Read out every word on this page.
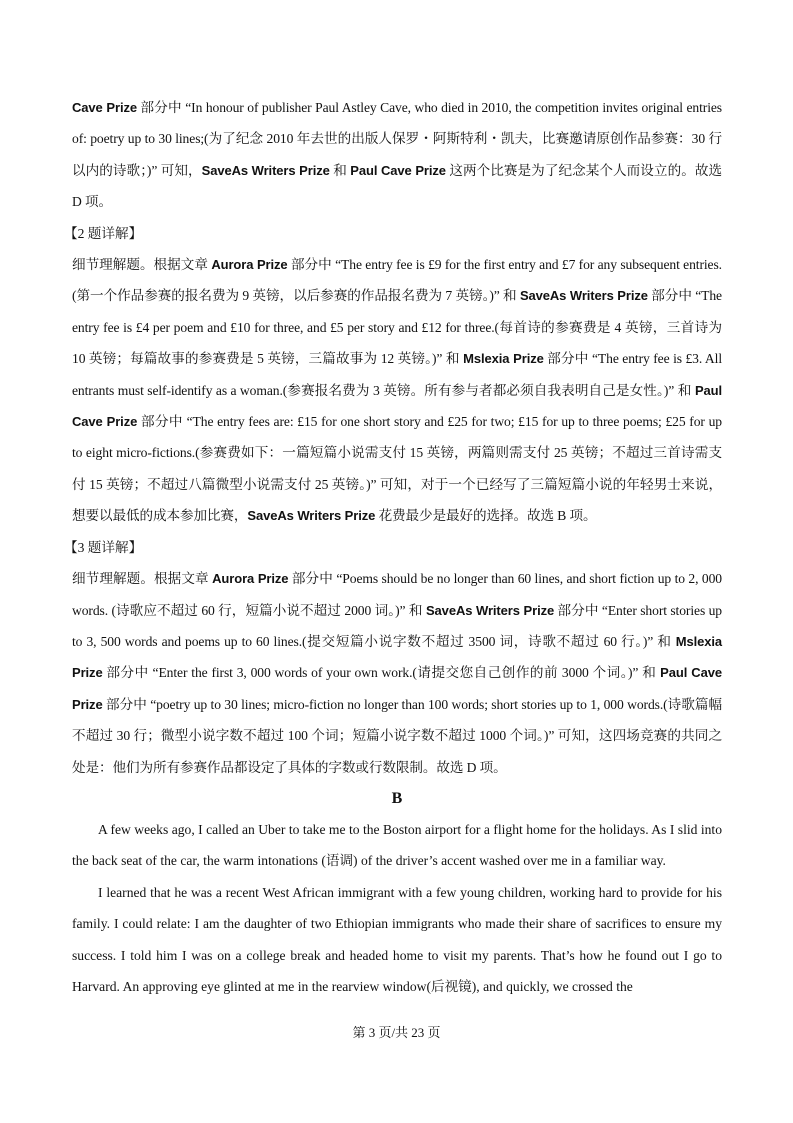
Cave Prize 部分中 “In honour of publisher Paul Astley Cave, who died in 2010, the competition invites original entries of: poetry up to 30 lines;(为了纪念 2010 年去世的出版人保罗・阿斯特利・凯夫，比赛邀请原创作品参赛：30 行以内的诗歌；)” 可知，SaveAs Writers Prize 和 Paul Cave Prize 这两个比赛是为了纪念某个人而设立的。故选 D 项。

【2 题详解】

细节理解题。根据文章 Aurora Prize 部分中 “The entry fee is £9 for the first entry and £7 for any subsequent entries.(第一个作品参赛的报名费为 9 英镑，以后参赛的作品报名费为 7 英镑。)” 和 SaveAs Writers Prize 部分中 “The entry fee is £4 per poem and £10 for three, and £5 per story and £12 for three.(每首诗的参赛费是 4 英镑，三首诗为 10 英镑；每篇故事的参赛费是 5 英镑，三篇故事为 12 英镑。)” 和 Mslexia Prize 部分中 “The entry fee is £3. All entrants must self-identify as a woman.(参赛报名费为 3 英镑。所有参与者都必须自我表明自己是女性。)” 和 Paul Cave Prize 部分中 “The entry fees are: £15 for one short story and £25 for two; £15 for up to three poems; £25 for up to eight micro-fictions.(参赛费如下：一篇短篇小说需支付 15 英镑，两篇则需支付 25 英镑；不超过三首诗需支付 15 英镑；不超过八篇微型小说需支付 25 英镑。)” 可知，对于一个已经写了三篇短篇小说的年轻男士来说，想要以最低的成本参加比赛，SaveAs Writers Prize 花费最少是最好的选择。故选 B 项。

【3 题详解】

细节理解题。根据文章 Aurora Prize 部分中 “Poems should be no longer than 60 lines, and short fiction up to 2, 000 words. (诗歌应不超过 60 行，短篇小说不超过 2000 词。)” 和 SaveAs Writers Prize 部分中 “Enter short stories up to 3, 500 words and poems up to 60 lines.(提交短篇小说字数不超过 3500 词，诗歌不超过 60 行。)” 和 Mslexia Prize 部分中 “Enter the first 3, 000 words of your own work.(请提交您自己创作的前 3000 个词。)” 和 Paul Cave Prize 部分中 “poetry up to 30 lines; micro-fiction no longer than 100 words; short stories up to 1, 000 words.(诗歌篇幅不超过 30 行；微型小说字数不超过 100 个词；短篇小说字数不超过 1000 个词。)” 可知，这四场竞赛的共同之处是：他们为所有参赛作品都设定了具体的字数或行数限制。故选 D 项。

B

A few weeks ago, I called an Uber to take me to the Boston airport for a flight home for the holidays. As I slid into the back seat of the car, the warm intonations (语调) of the driver’s accent washed over me in a familiar way.

I learned that he was a recent West African immigrant with a few young children, working hard to provide for his family. I could relate: I am the daughter of two Ethiopian immigrants who made their share of sacrifices to ensure my success. I told him I was on a college break and headed home to visit my parents. That’s how he found out I go to Harvard. An approving eye glinted at me in the rearview window(后视镜), and quickly, we crossed the

第 3 页/共 23 页
